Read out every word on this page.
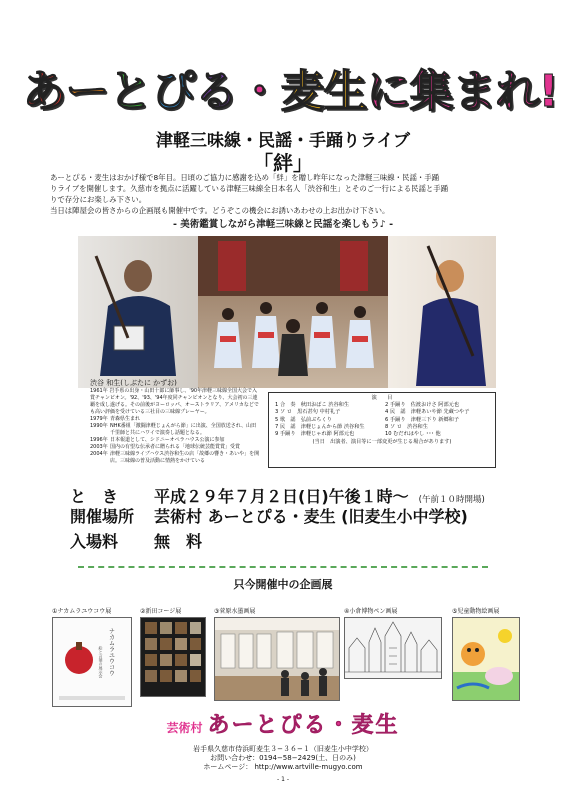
あ ー と ぴ る ・ 麦生 に 集まれ!
津軽三味線・民謡・手踊りライブ
「絆」

あーとぴる・麦生はおかげ様で8年目。日頃のご協力に感謝を込め「絆」を贈し昨年になった津軽三味線・民謡・手踊

りライブを開催します。久慈市を拠点に活躍している津軽三味線全日本名人「渋谷和生」とそのご一行による民謡と手踊

りで存分にお楽しみ下さい。

当日は陣屋会の皆さからの企画展も開催中です。どうぞこの機会にお誘いあわせの上お出かけ下さい。

- 美術鑑賞しながら津軽三味線と民謡を楽しもう♪ -
渋谷 和生(しぶたに かずお)
1961年 岩手県の出身・山田十郎に師事し、'90年津軽三味線全国大会で入賞チャンピオン。'92、'93、'94年度同チャンピオンとなり、大会初の三連覇を成し遂げる。その前後がヨーロッパ、オーストラリア、アメリカなどでも高い評価を受けている三社目の三味線プレーヤー。
1979年 青森県生まれ
1990年 NHK番組「激闘津軽じょんがら節」に出演、全国放送され、山田千里師と共にハワイで演奏し話題となる。
1996年 日本報道として、シドニーオペラハウス公演に参加
2003年 国内の有望な伝承者に贈られる「地球伝統芸能賞賞」受賞
2004年 津軽三味線ライブハウス渋谷和生の店「故郷の響き・あいや」を開店。三味線の普及活動に情熱をかけている
演　　目
1 合　奏　秋田おばこ 渋谷和生	2 手踊り　佐渡おけさ 阿部元也
3 ソ ロ　黒石甚句 中村礼子	4 民　謡　津軽あいや節 先蔵つや子
5 歌　謡　弘前ぶちくり	6 手踊り　津軽三下り 新郷和子
7 民　謡　津軽じょんから節 渋谷和生	8 ソ ロ　渋谷和生
9 手踊り　津軽じゃれ節 阿部元也	10 むだれはやし ･･･ 他
(当日　出演者、演目等に一部変更が生じる場合があります)
と　き	平成２９年７月２日(日)午後１時～ (午前１０時開場)
開催場所	芸術村 あーとぴる・麦生 (旧麦生小中学校)
入場料	無　料
只今開催中の企画展
①ナカムラユウコウ展
ナカムラユウコウ
絵と言葉の展示会
②新田コージ展	③菅原水墨画展	④小倉博物ペン画展	⑤児童動物絵画展
芸術村 あーとぴる・麦生
岩手県久慈市侍浜町麦生３−３６−１（旧麦生小中学校）
お問い合わせ：0194−58−2429(土、日のみ)
ホームページ： http://www.artville-mugyo.com
- 1 -
